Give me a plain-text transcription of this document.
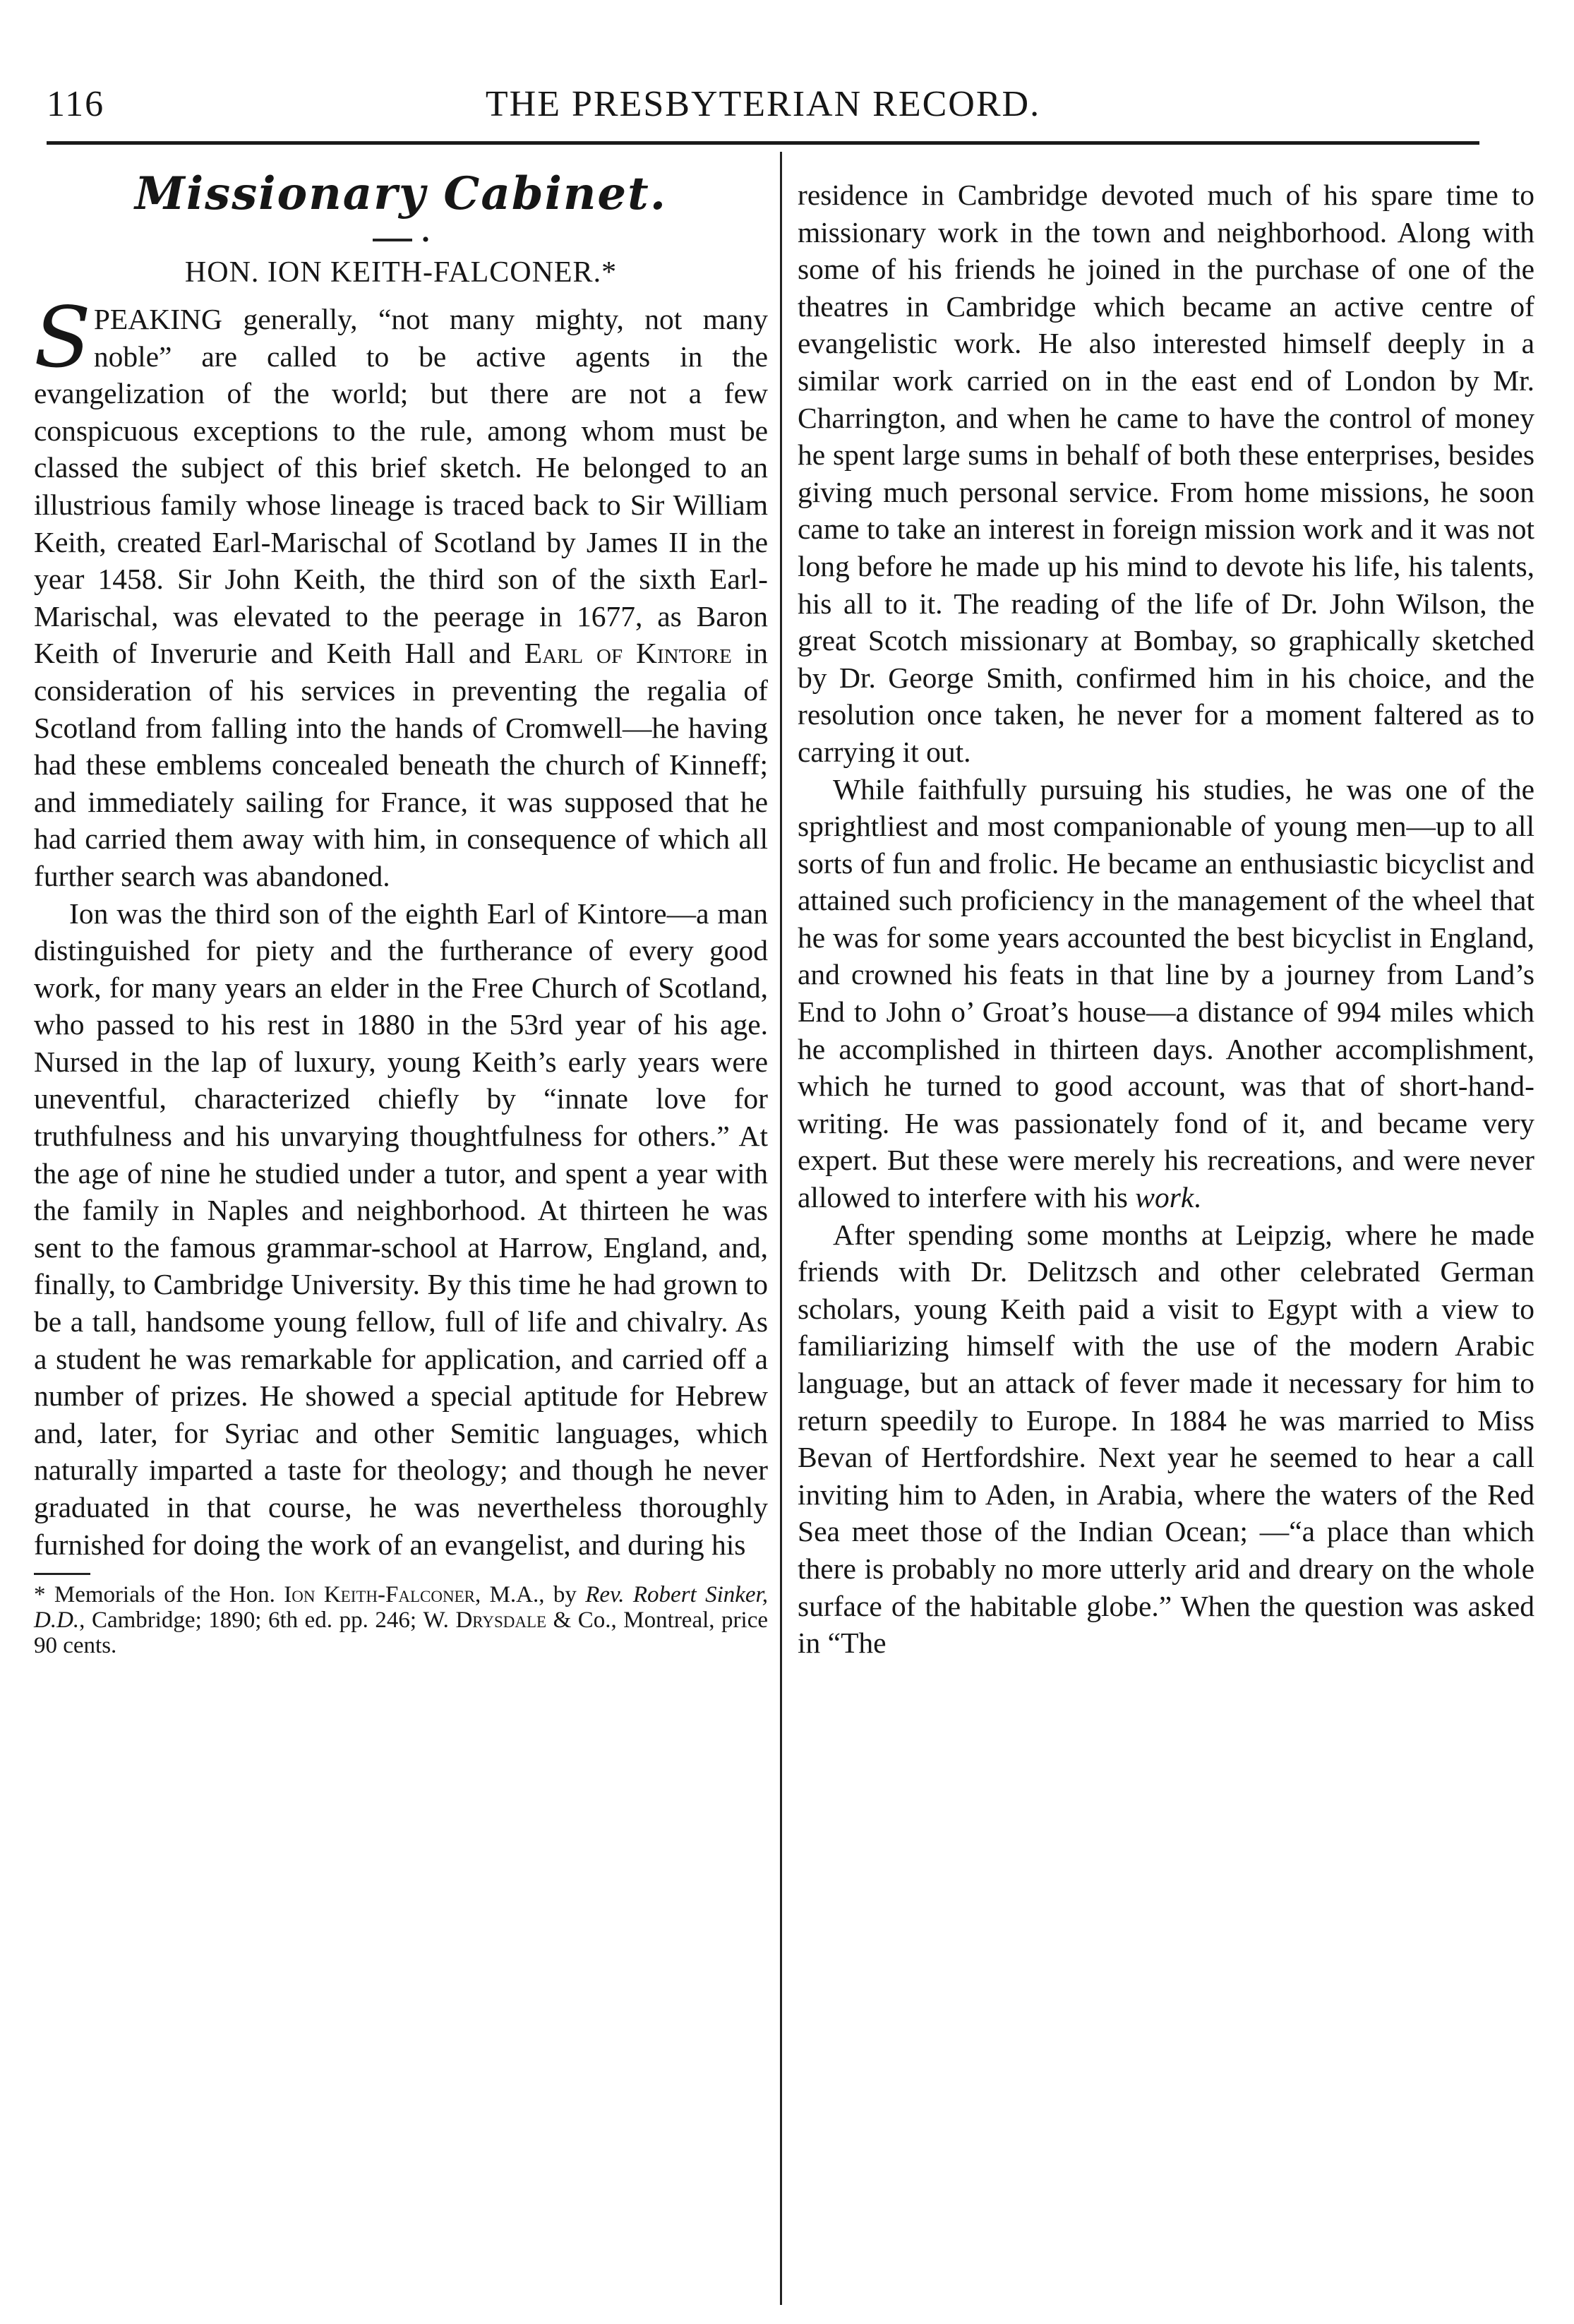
116	THE PRESBYTERIAN RECORD.
Missionary Cabinet.
•
HON. ION KEITH-FALCONER.*

SPEAKING generally, “not many mighty, not many noble” are called to be active agents in the evangelization of the world; but there are not a few conspicuous exceptions to the rule, among whom must be classed the subject of this brief sketch. He belonged to an illustrious family whose lineage is traced back to Sir William Keith, created Earl-Marischal of Scotland by James II in the year 1458. Sir John Keith, the third son of the sixth Earl-Marischal, was elevated to the peerage in 1677, as Baron Keith of Inverurie and Keith Hall and Earl of Kintore in consideration of his services in preventing the regalia of Scotland from falling into the hands of Cromwell—he having had these emblems concealed beneath the church of Kinneff; and immediately sailing for France, it was supposed that he had carried them away with him, in consequence of which all further search was abandoned.

Ion was the third son of the eighth Earl of Kintore—a man distinguished for piety and the furtherance of every good work, for many years an elder in the Free Church of Scotland, who passed to his rest in 1880 in the 53rd year of his age. Nursed in the lap of luxury, young Keith’s early years were uneventful, characterized chiefly by “innate love for truthfulness and his unvarying thoughtfulness for others.” At the age of nine he studied under a tutor, and spent a year with the family in Naples and neighborhood. At thirteen he was sent to the famous grammar-school at Harrow, England, and, finally, to Cambridge University. By this time he had grown to be a tall, handsome young fellow, full of life and chivalry. As a student he was remarkable for application, and carried off a number of prizes. He showed a special aptitude for Hebrew and, later, for Syriac and other Semitic languages, which naturally imparted a taste for theology; and though he never graduated in that course, he was nevertheless thoroughly furnished for doing the work of an evangelist, and during his

* Memorials of the Hon. Ion Keith-Falconer, M.A., by Rev. Robert Sinker, D.D., Cambridge; 1890; 6th ed. pp. 246; W. Drysdale & Co., Montreal, price 90 cents.

residence in Cambridge devoted much of his spare time to missionary work in the town and neighborhood. Along with some of his friends he joined in the purchase of one of the theatres in Cambridge which became an active centre of evangelistic work. He also interested himself deeply in a similar work carried on in the east end of London by Mr. Charrington, and when he came to have the control of money he spent large sums in behalf of both these enterprises, besides giving much personal service. From home missions, he soon came to take an interest in foreign mission work and it was not long before he made up his mind to devote his life, his talents, his all to it. The reading of the life of Dr. John Wilson, the great Scotch missionary at Bombay, so graphically sketched by Dr. George Smith, confirmed him in his choice, and the resolution once taken, he never for a moment faltered as to carrying it out.

While faithfully pursuing his studies, he was one of the sprightliest and most companionable of young men—up to all sorts of fun and frolic. He became an enthusiastic bicyclist and attained such proficiency in the management of the wheel that he was for some years accounted the best bicyclist in England, and crowned his feats in that line by a journey from Land’s End to John o’ Groat’s house—a distance of 994 miles which he accomplished in thirteen days. Another accomplishment, which he turned to good account, was that of short-hand-writing. He was passionately fond of it, and became very expert. But these were merely his recreations, and were never allowed to interfere with his work.

After spending some months at Leipzig, where he made friends with Dr. Delitzsch and other celebrated German scholars, young Keith paid a visit to Egypt with a view to familiarizing himself with the use of the modern Arabic language, but an attack of fever made it necessary for him to return speedily to Europe. In 1884 he was married to Miss Bevan of Hertfordshire. Next year he seemed to hear a call inviting him to Aden, in Arabia, where the waters of the Red Sea meet those of the Indian Ocean; —“a place than which there is probably no more utterly arid and dreary on the whole surface of the habitable globe.” When the question was asked in “The
